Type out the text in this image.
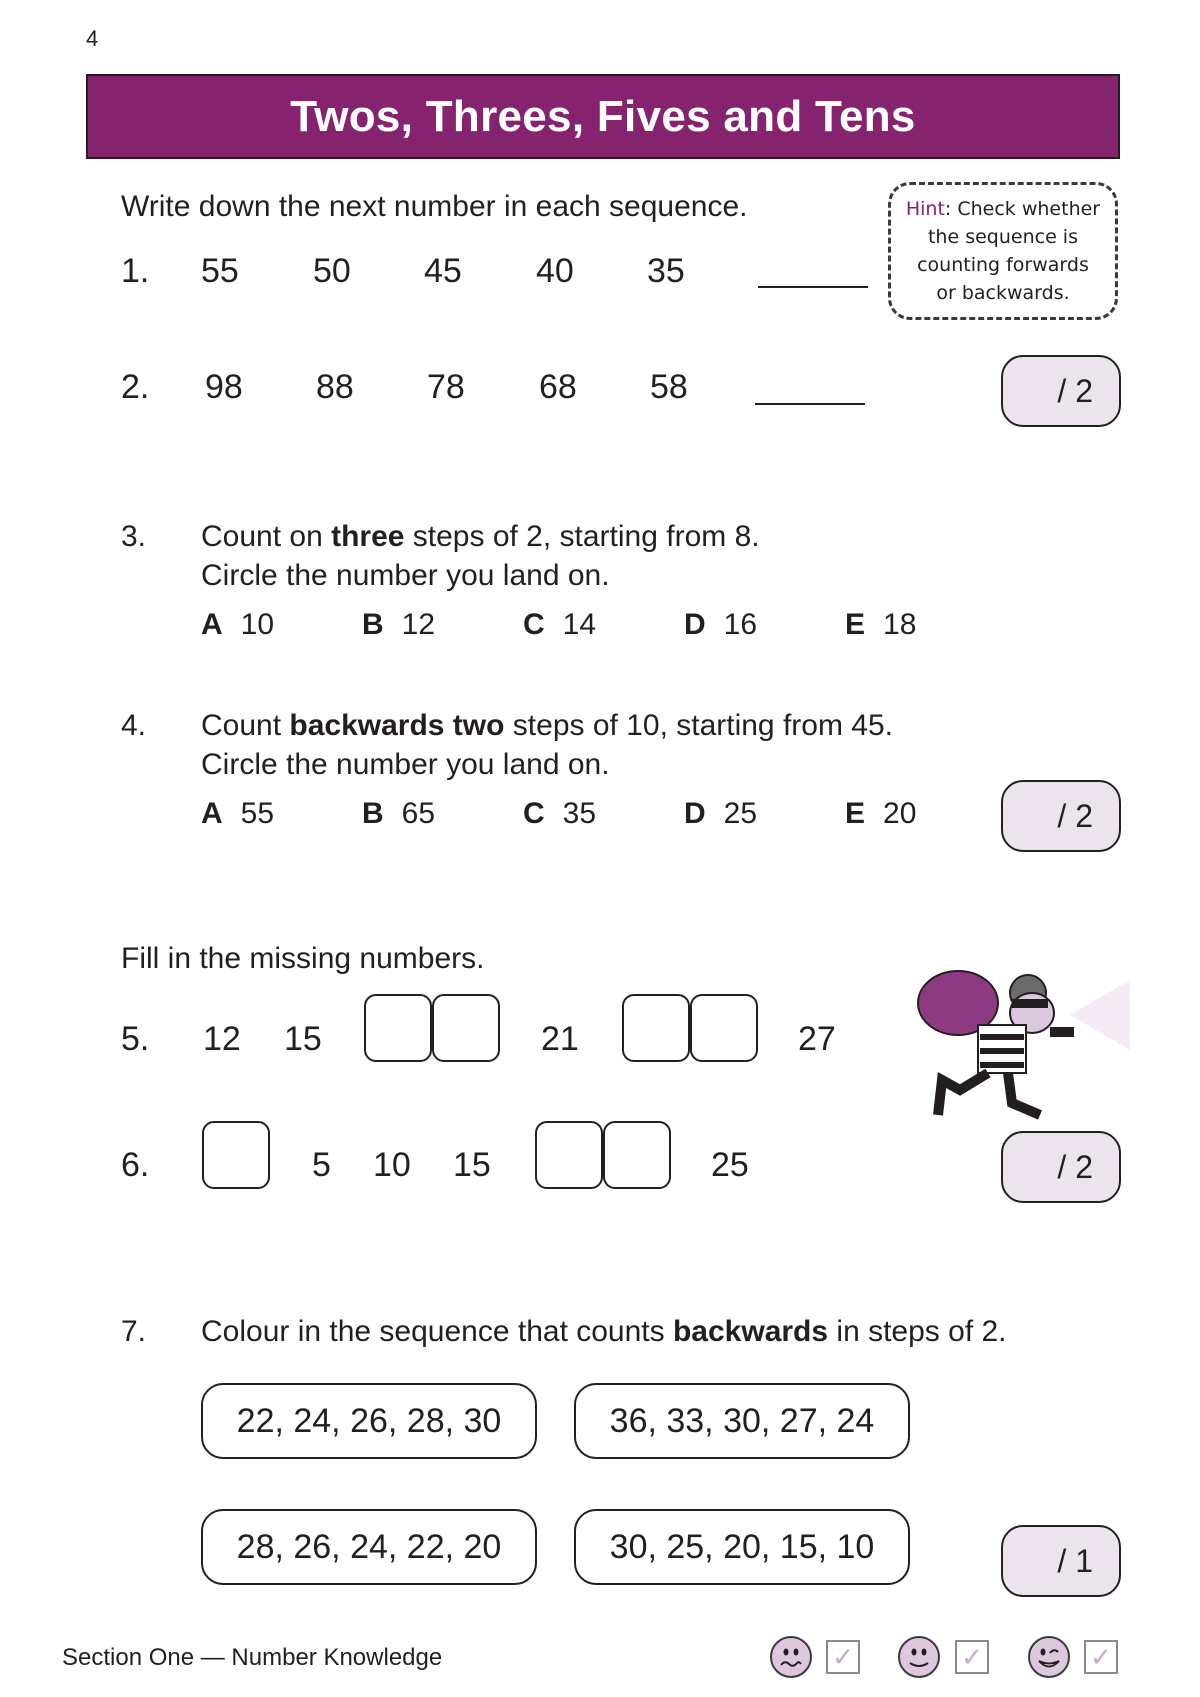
4
Twos, Threes, Fives and Tens
Write down the next number in each sequence.
1. 55 50 45 40 35
2. 98 88 78 68 58
Hint: Check whether
the sequence is
counting forwards
or backwards.
/ 2
3. Count on three steps of 2, starting from 8.
Circle the number you land on.
A 10	B 12	C 14	D 16	E 18
4. Count backwards two steps of 10, starting from 45.
Circle the number you land on.
A 55	B 65	C 35	D 25	E 20	/ 2
Fill in the missing numbers.
5. 12 15	21	27
6.	5 10 15	25	/ 2
7. Colour in the sequence that counts backwards in steps of 2.
22, 24, 26, 28, 30	36, 33, 30, 27, 24
28, 26, 24, 22, 20	30, 25, 20, 15, 10	/ 1
Section One — Number Knowledge	✓	✓	✓
